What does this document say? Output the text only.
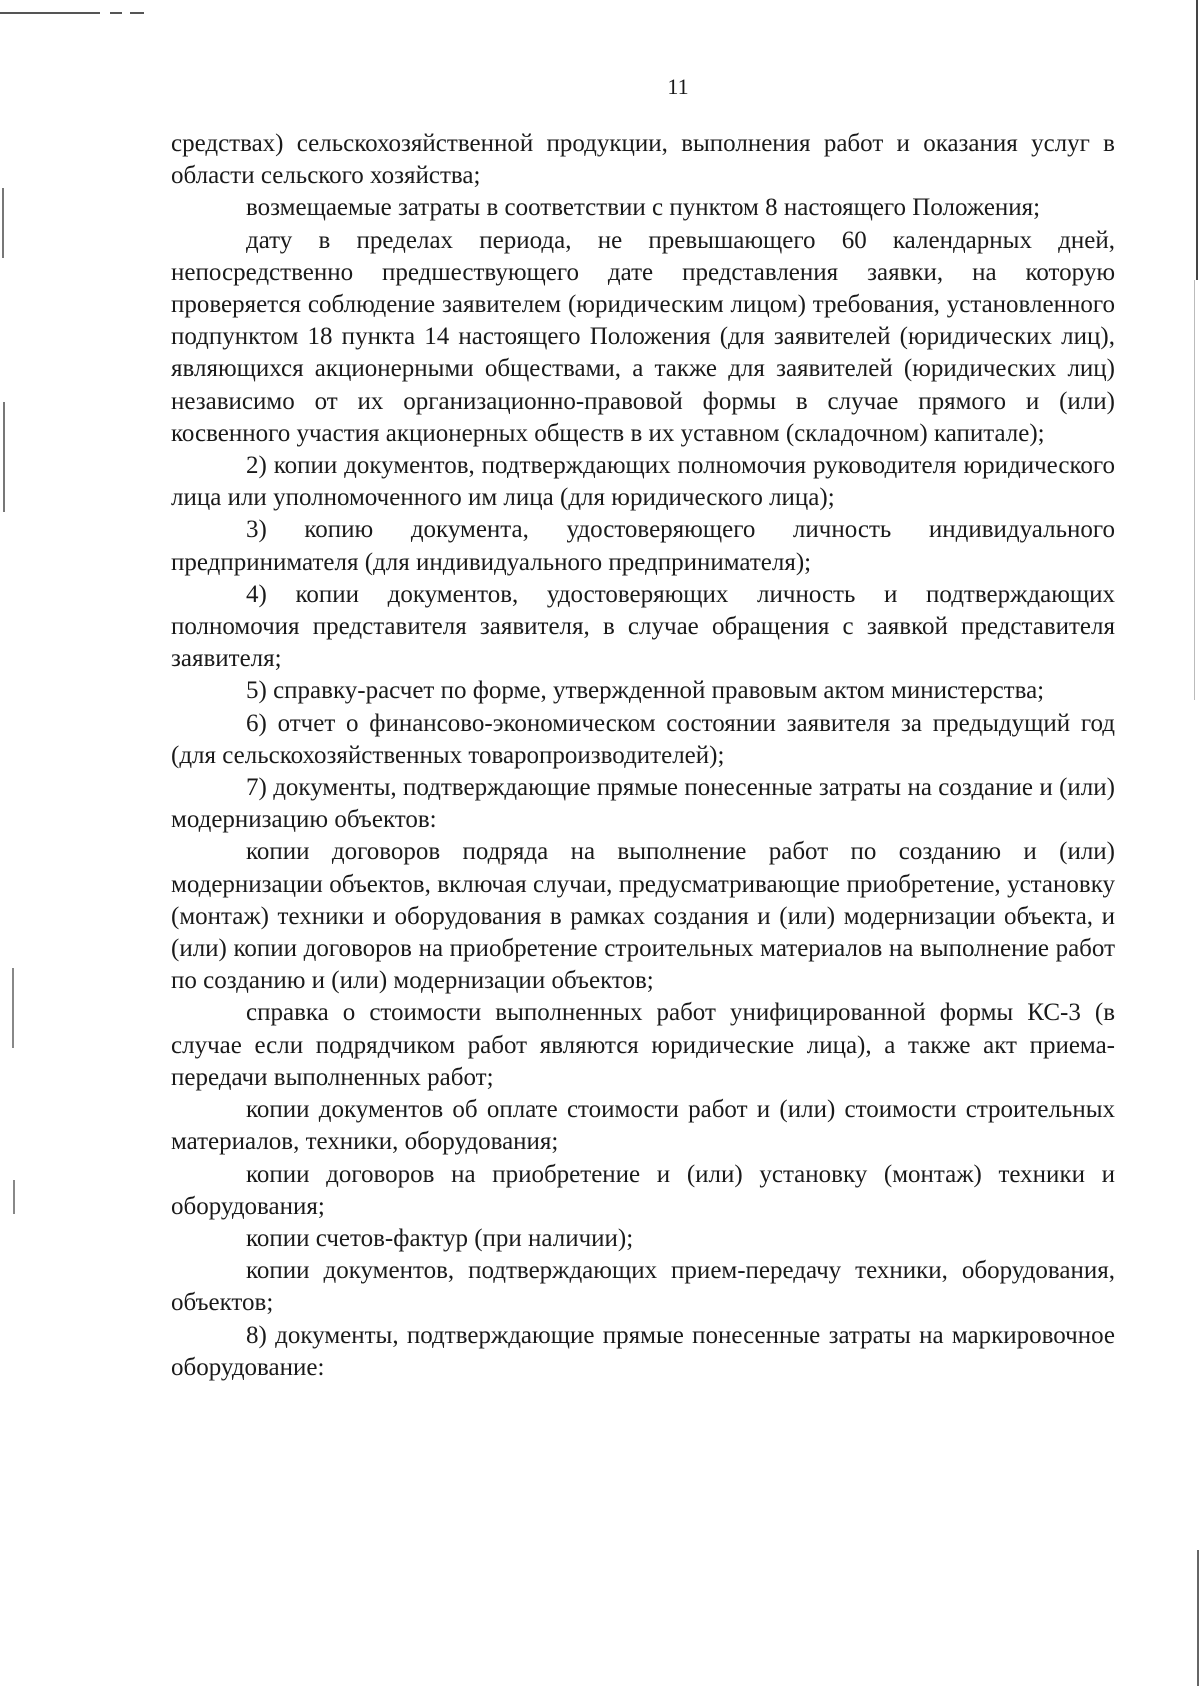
11

средствах) сельскохозяйственной продукции, выполнения работ и оказания услуг в области сельского хозяйства;

возмещаемые затраты в соответствии с пунктом 8 настоящего Положения;

дату в пределах периода, не превышающего 60 календарных дней, непосредственно предшествующего дате представления заявки, на которую проверяется соблюдение заявителем (юридическим лицом) требования, установленного подпунктом 18 пункта 14 настоящего Положения (для заявителей (юридических лиц), являющихся акционерными обществами, а также для заявителей (юридических лиц) независимо от их организационно-правовой формы в случае прямого и (или) косвенного участия акционерных обществ в их уставном (складочном) капитале);

2) копии документов, подтверждающих полномочия руководителя юридического лица или уполномоченного им лица (для юридического лица);

3) копию документа, удостоверяющего личность индивидуального предпринимателя (для индивидуального предпринимателя);

4) копии документов, удостоверяющих личность и подтверждающих полномочия представителя заявителя, в случае обращения с заявкой представителя заявителя;

5) справку-расчет по форме, утвержденной правовым актом министерства;

6) отчет о финансово-экономическом состоянии заявителя за предыдущий год (для сельскохозяйственных товаропроизводителей);

7) документы, подтверждающие прямые понесенные затраты на создание и (или) модернизацию объектов:

копии договоров подряда на выполнение работ по созданию и (или) модернизации объектов, включая случаи, предусматривающие приобретение, установку (монтаж) техники и оборудования в рамках создания и (или) модернизации объекта, и (или) копии договоров на приобретение строительных материалов на выполнение работ по созданию и (или) модернизации объектов;

справка о стоимости выполненных работ унифицированной формы КС-3 (в случае если подрядчиком работ являются юридические лица), а также акт приема-передачи выполненных работ;

копии документов об оплате стоимости работ и (или) стоимости строительных материалов, техники, оборудования;

копии договоров на приобретение и (или) установку (монтаж) техники и оборудования;

копии счетов-фактур (при наличии);

копии документов, подтверждающих прием-передачу техники, оборудования, объектов;

8) документы, подтверждающие прямые понесенные затраты на маркировочное оборудование:
